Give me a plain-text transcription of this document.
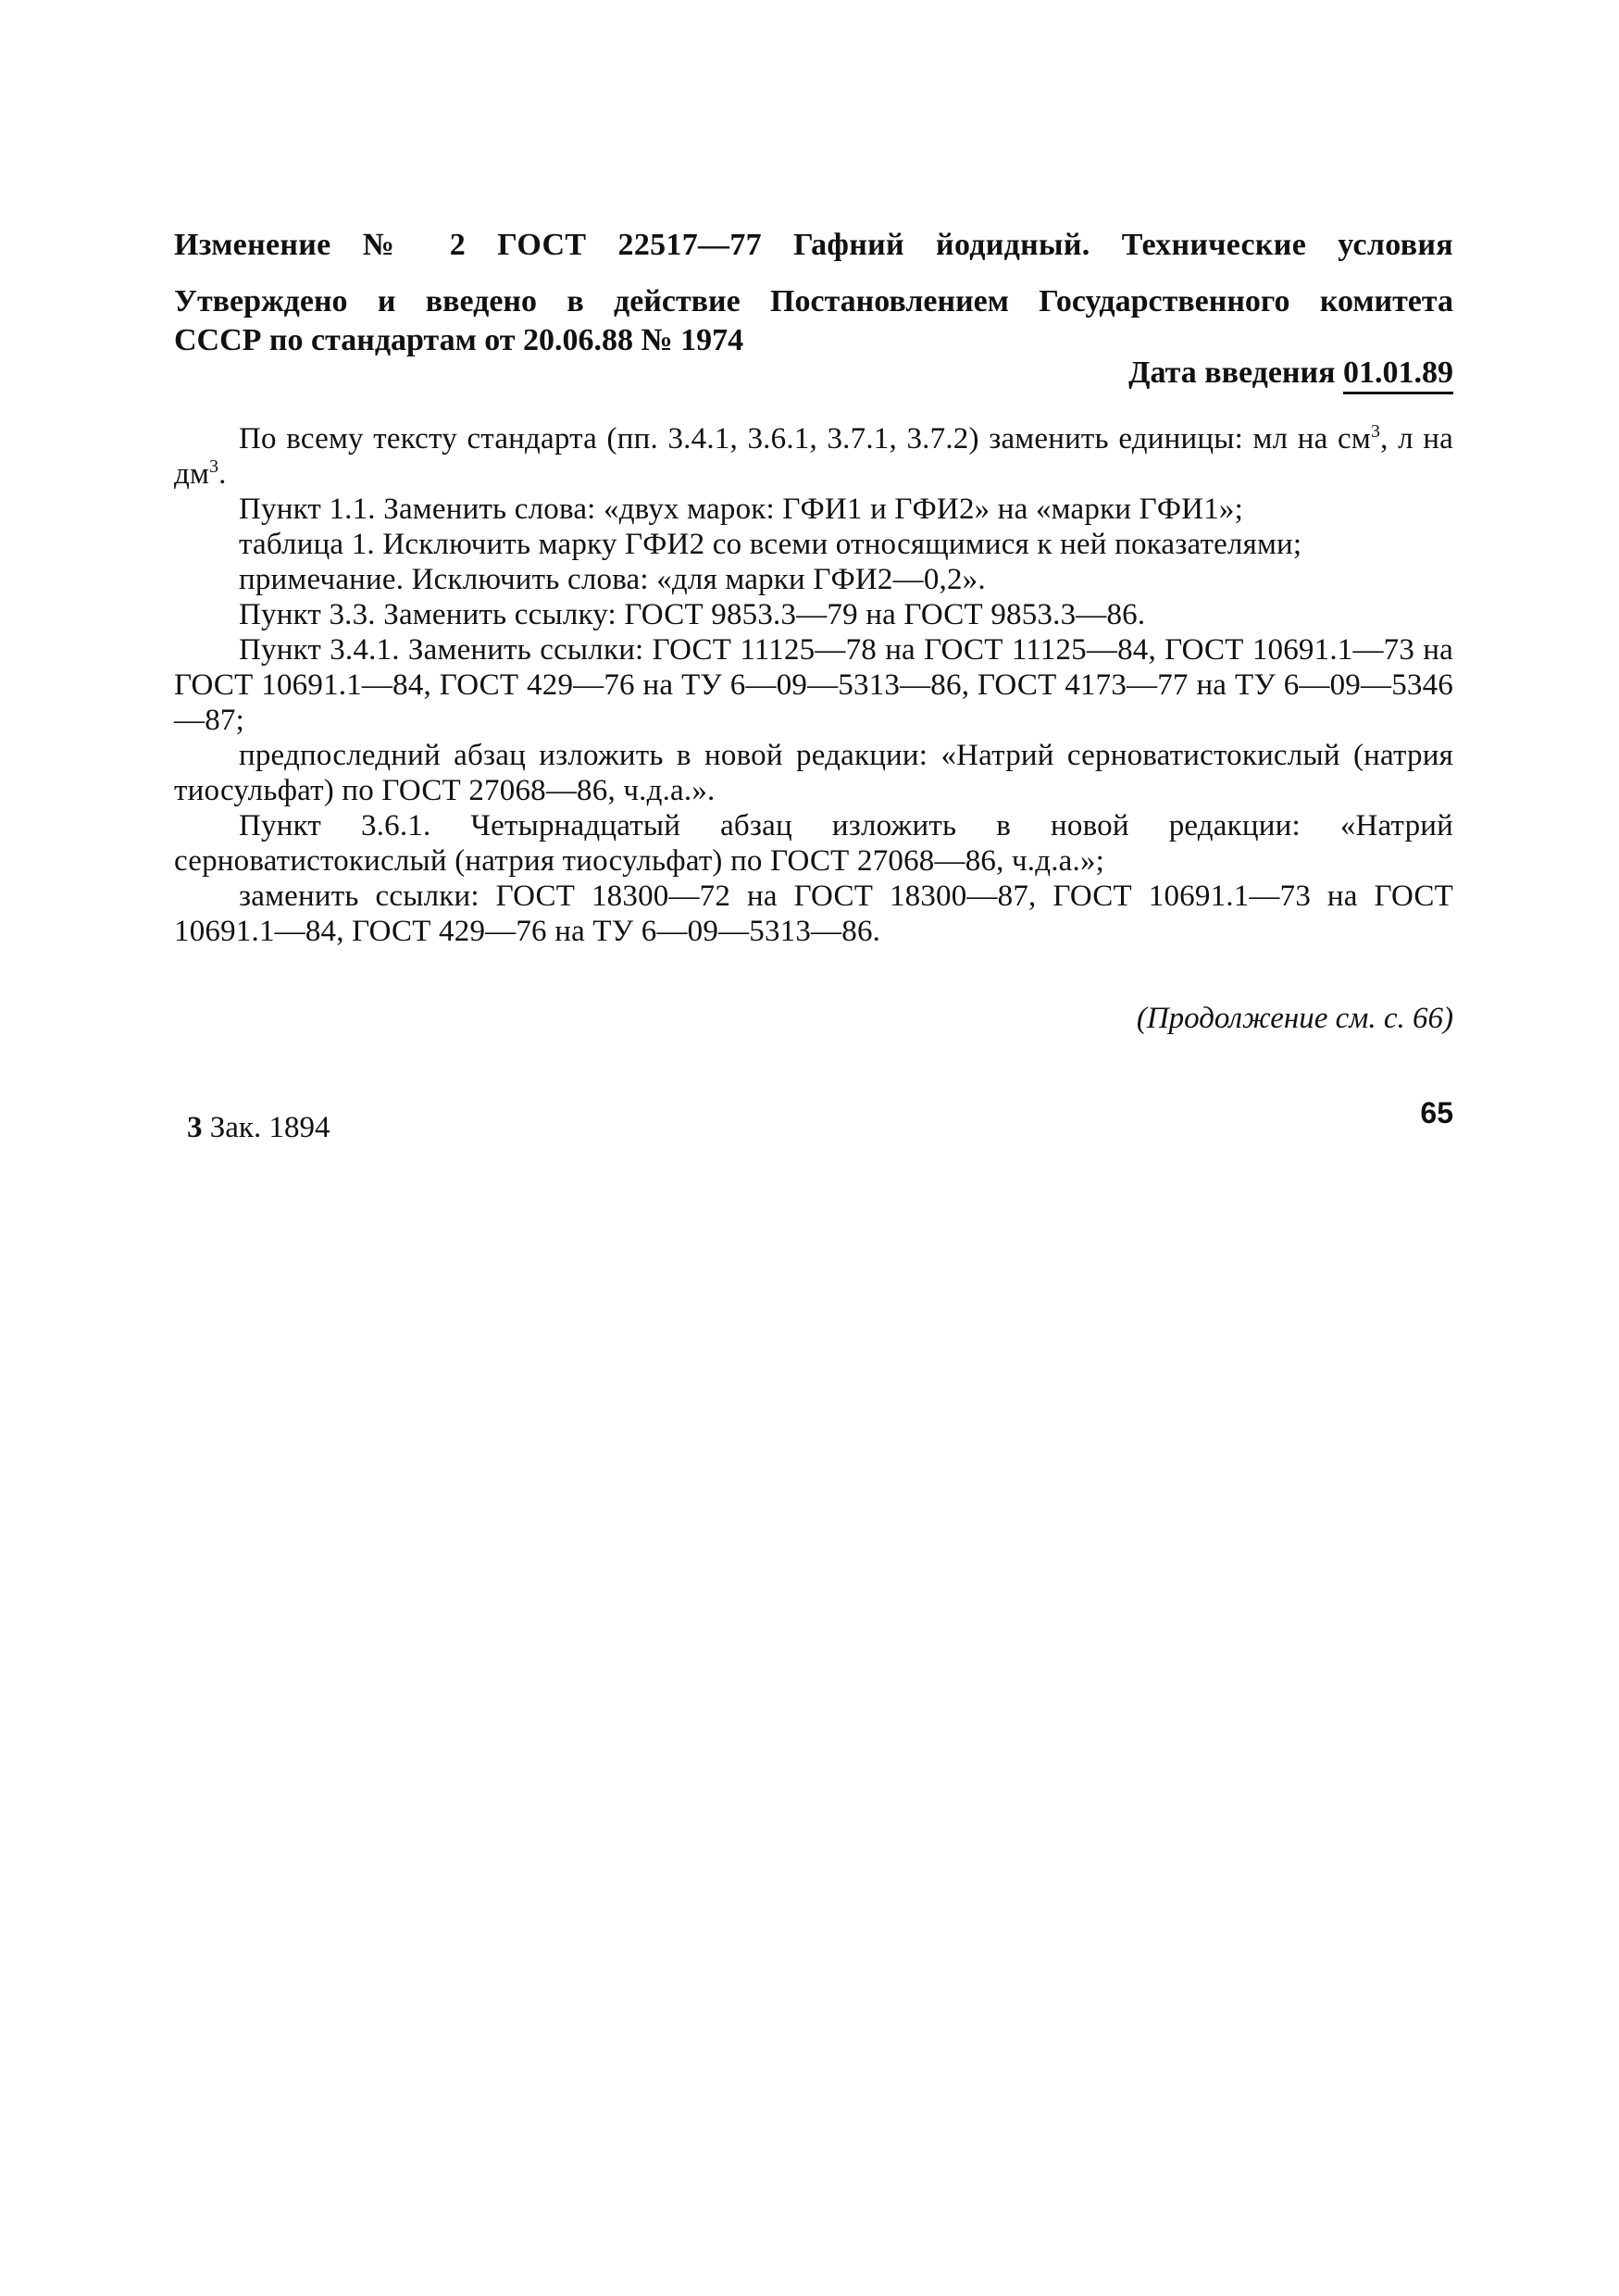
Изменение № 2 ГОСТ 22517—77 Гафний йодидный. Технические условия
Утверждено и введено в действие Постановлением Государственного комитета
СССР по стандартам от 20.06.88 № 1974
Дата введения 01.01.89

По всему тексту стандарта (пп. 3.4.1, 3.6.1, 3.7.1, 3.7.2) заменить единицы: мл на $см^3$, л на $дм^3$.

Пункт 1.1. Заменить слова: «двух марок: ГФИ1 и ГФИ2» на «марки ГФИ1»;

таблица 1. Исключить марку ГФИ2 со всеми относящимися к ней показателями;

примечание. Исключить слова: «для марки ГФИ2—0,2».

Пункт 3.3. Заменить ссылку: ГОСТ 9853.3—79 на ГОСТ 9853.3—86.

Пункт 3.4.1. Заменить ссылки: ГОСТ 11125—78 на ГОСТ 11125—84, ГОСТ 10691.1—73 на ГОСТ 10691.1—84, ГОСТ 429—76 на ТУ 6—09—5313—86, ГОСТ 4173—77 на ТУ 6—09—5346—87;

предпоследний абзац изложить в новой редакции: «Натрий серноватистокислый (натрия тиосульфат) по ГОСТ 27068—86, ч.д.а.».

Пункт 3.6.1. Четырнадцатый абзац изложить в новой редакции: «Натрий серноватистокислый (натрия тиосульфат) по ГОСТ 27068—86, ч.д.а.»;

заменить ссылки: ГОСТ 18300—72 на ГОСТ 18300—87, ГОСТ 10691.1—73 на ГОСТ 10691.1—84, ГОСТ 429—76 на ТУ 6—09—5313—86.

(Продолжение см. с. 66)
3 Зак. 1894	65
